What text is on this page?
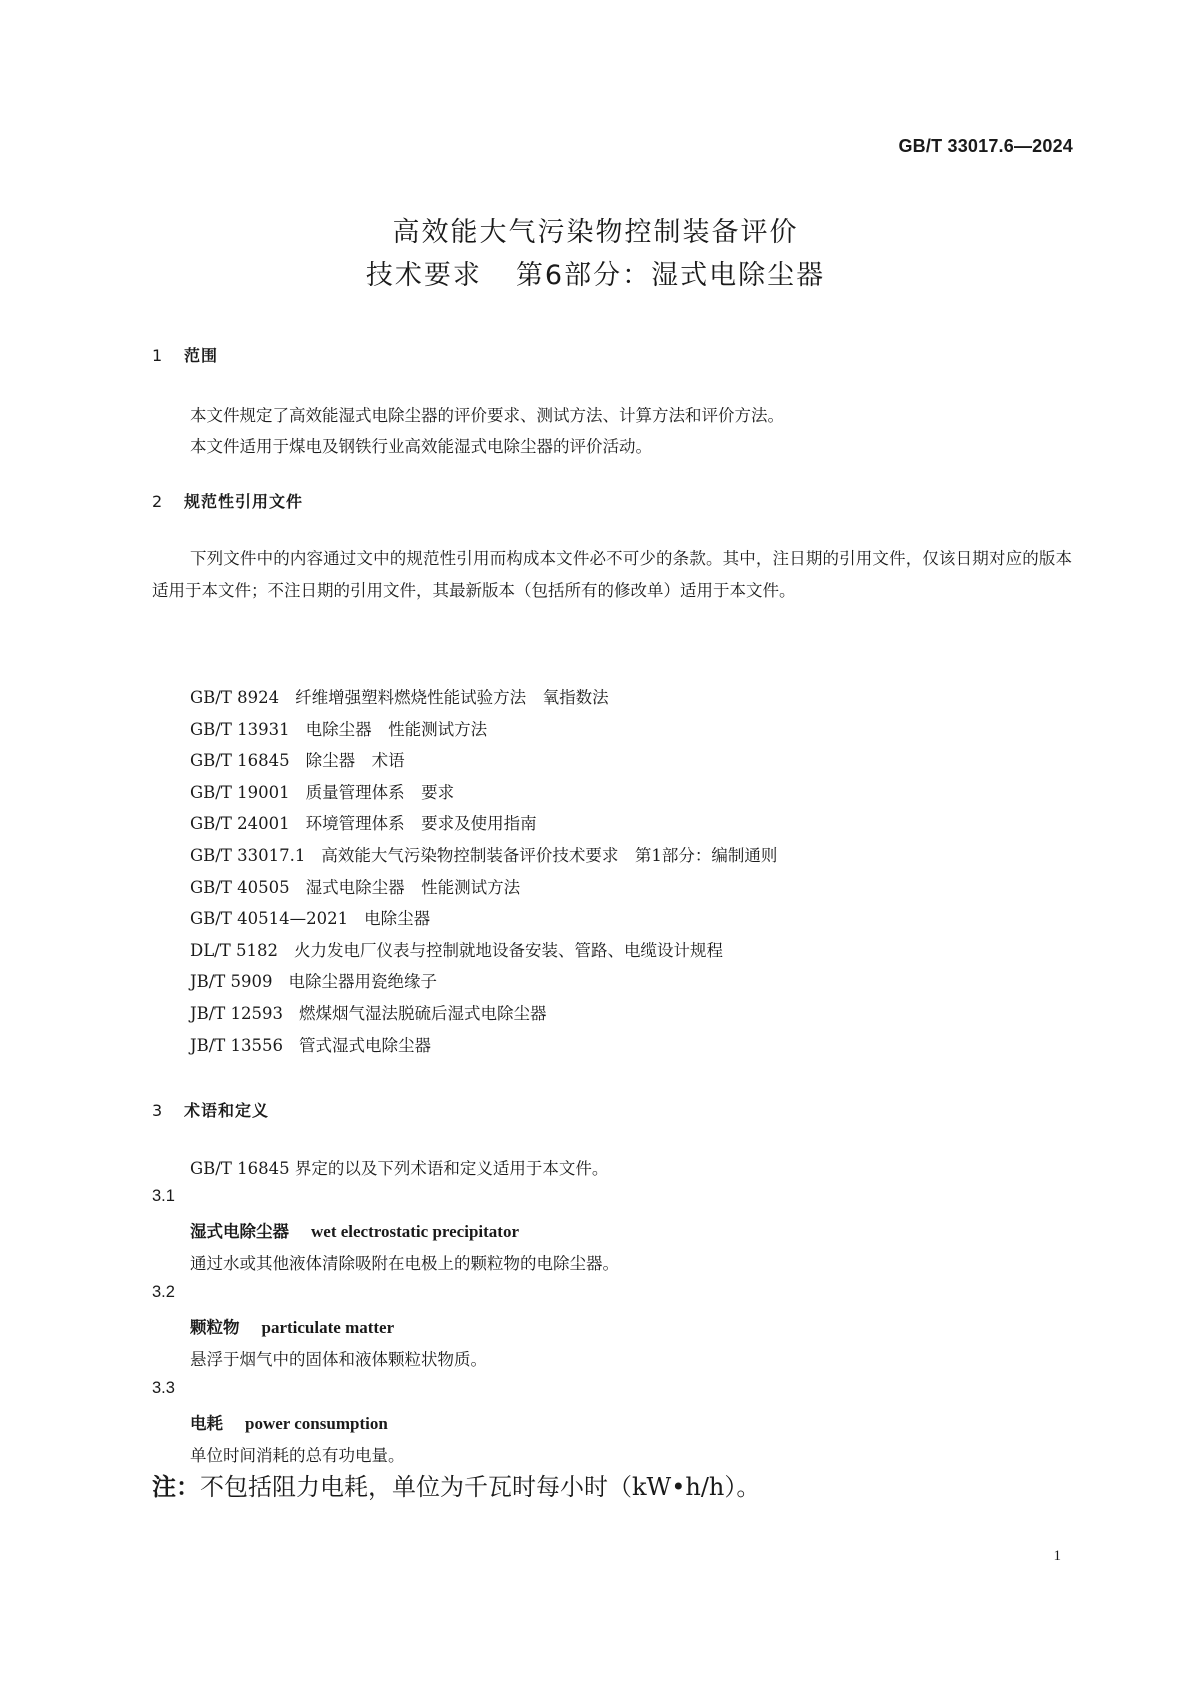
GB/T 33017.6—2024
高效能大气污染物控制装备评价
技术要求 第6部分：湿式电除尘器
1 范围
本文件规定了高效能湿式电除尘器的评价要求、测试方法、计算方法和评价方法。
本文件适用于煤电及钢铁行业高效能湿式电除尘器的评价活动。
2 规范性引用文件
下列文件中的内容通过文中的规范性引用而构成本文件必不可少的条款。其中，注日期的引用文件，仅该日期对应的版本适用于本文件；不注日期的引用文件，其最新版本（包括所有的修改单）适用于本文件。
GB/T 8924 纤维增强塑料燃烧性能试验方法　氧指数法
GB/T 13931 电除尘器　性能测试方法
GB/T 16845 除尘器　术语
GB/T 19001 质量管理体系　要求
GB/T 24001 环境管理体系　要求及使用指南
GB/T 33017.1 高效能大气污染物控制装备评价技术要求　第1部分：编制通则
GB/T 40505 湿式电除尘器　性能测试方法
GB/T 40514—2021 电除尘器
DL/T 5182 火力发电厂仪表与控制就地设备安装、管路、电缆设计规程
JB/T 5909 电除尘器用瓷绝缘子
JB/T 12593 燃煤烟气湿法脱硫后湿式电除尘器
JB/T 13556 管式湿式电除尘器
3 术语和定义
GB/T 16845 界定的以及下列术语和定义适用于本文件。
3.1
湿式电除尘器 wet electrostatic precipitator
通过水或其他液体清除吸附在电极上的颗粒物的电除尘器。
3.2
颗粒物 particulate matter
悬浮于烟气中的固体和液体颗粒状物质。
3.3
电耗 power consumption
单位时间消耗的总有功电量。
注：不包括阻力电耗，单位为千瓦时每小时（kW•h/h）。
1
